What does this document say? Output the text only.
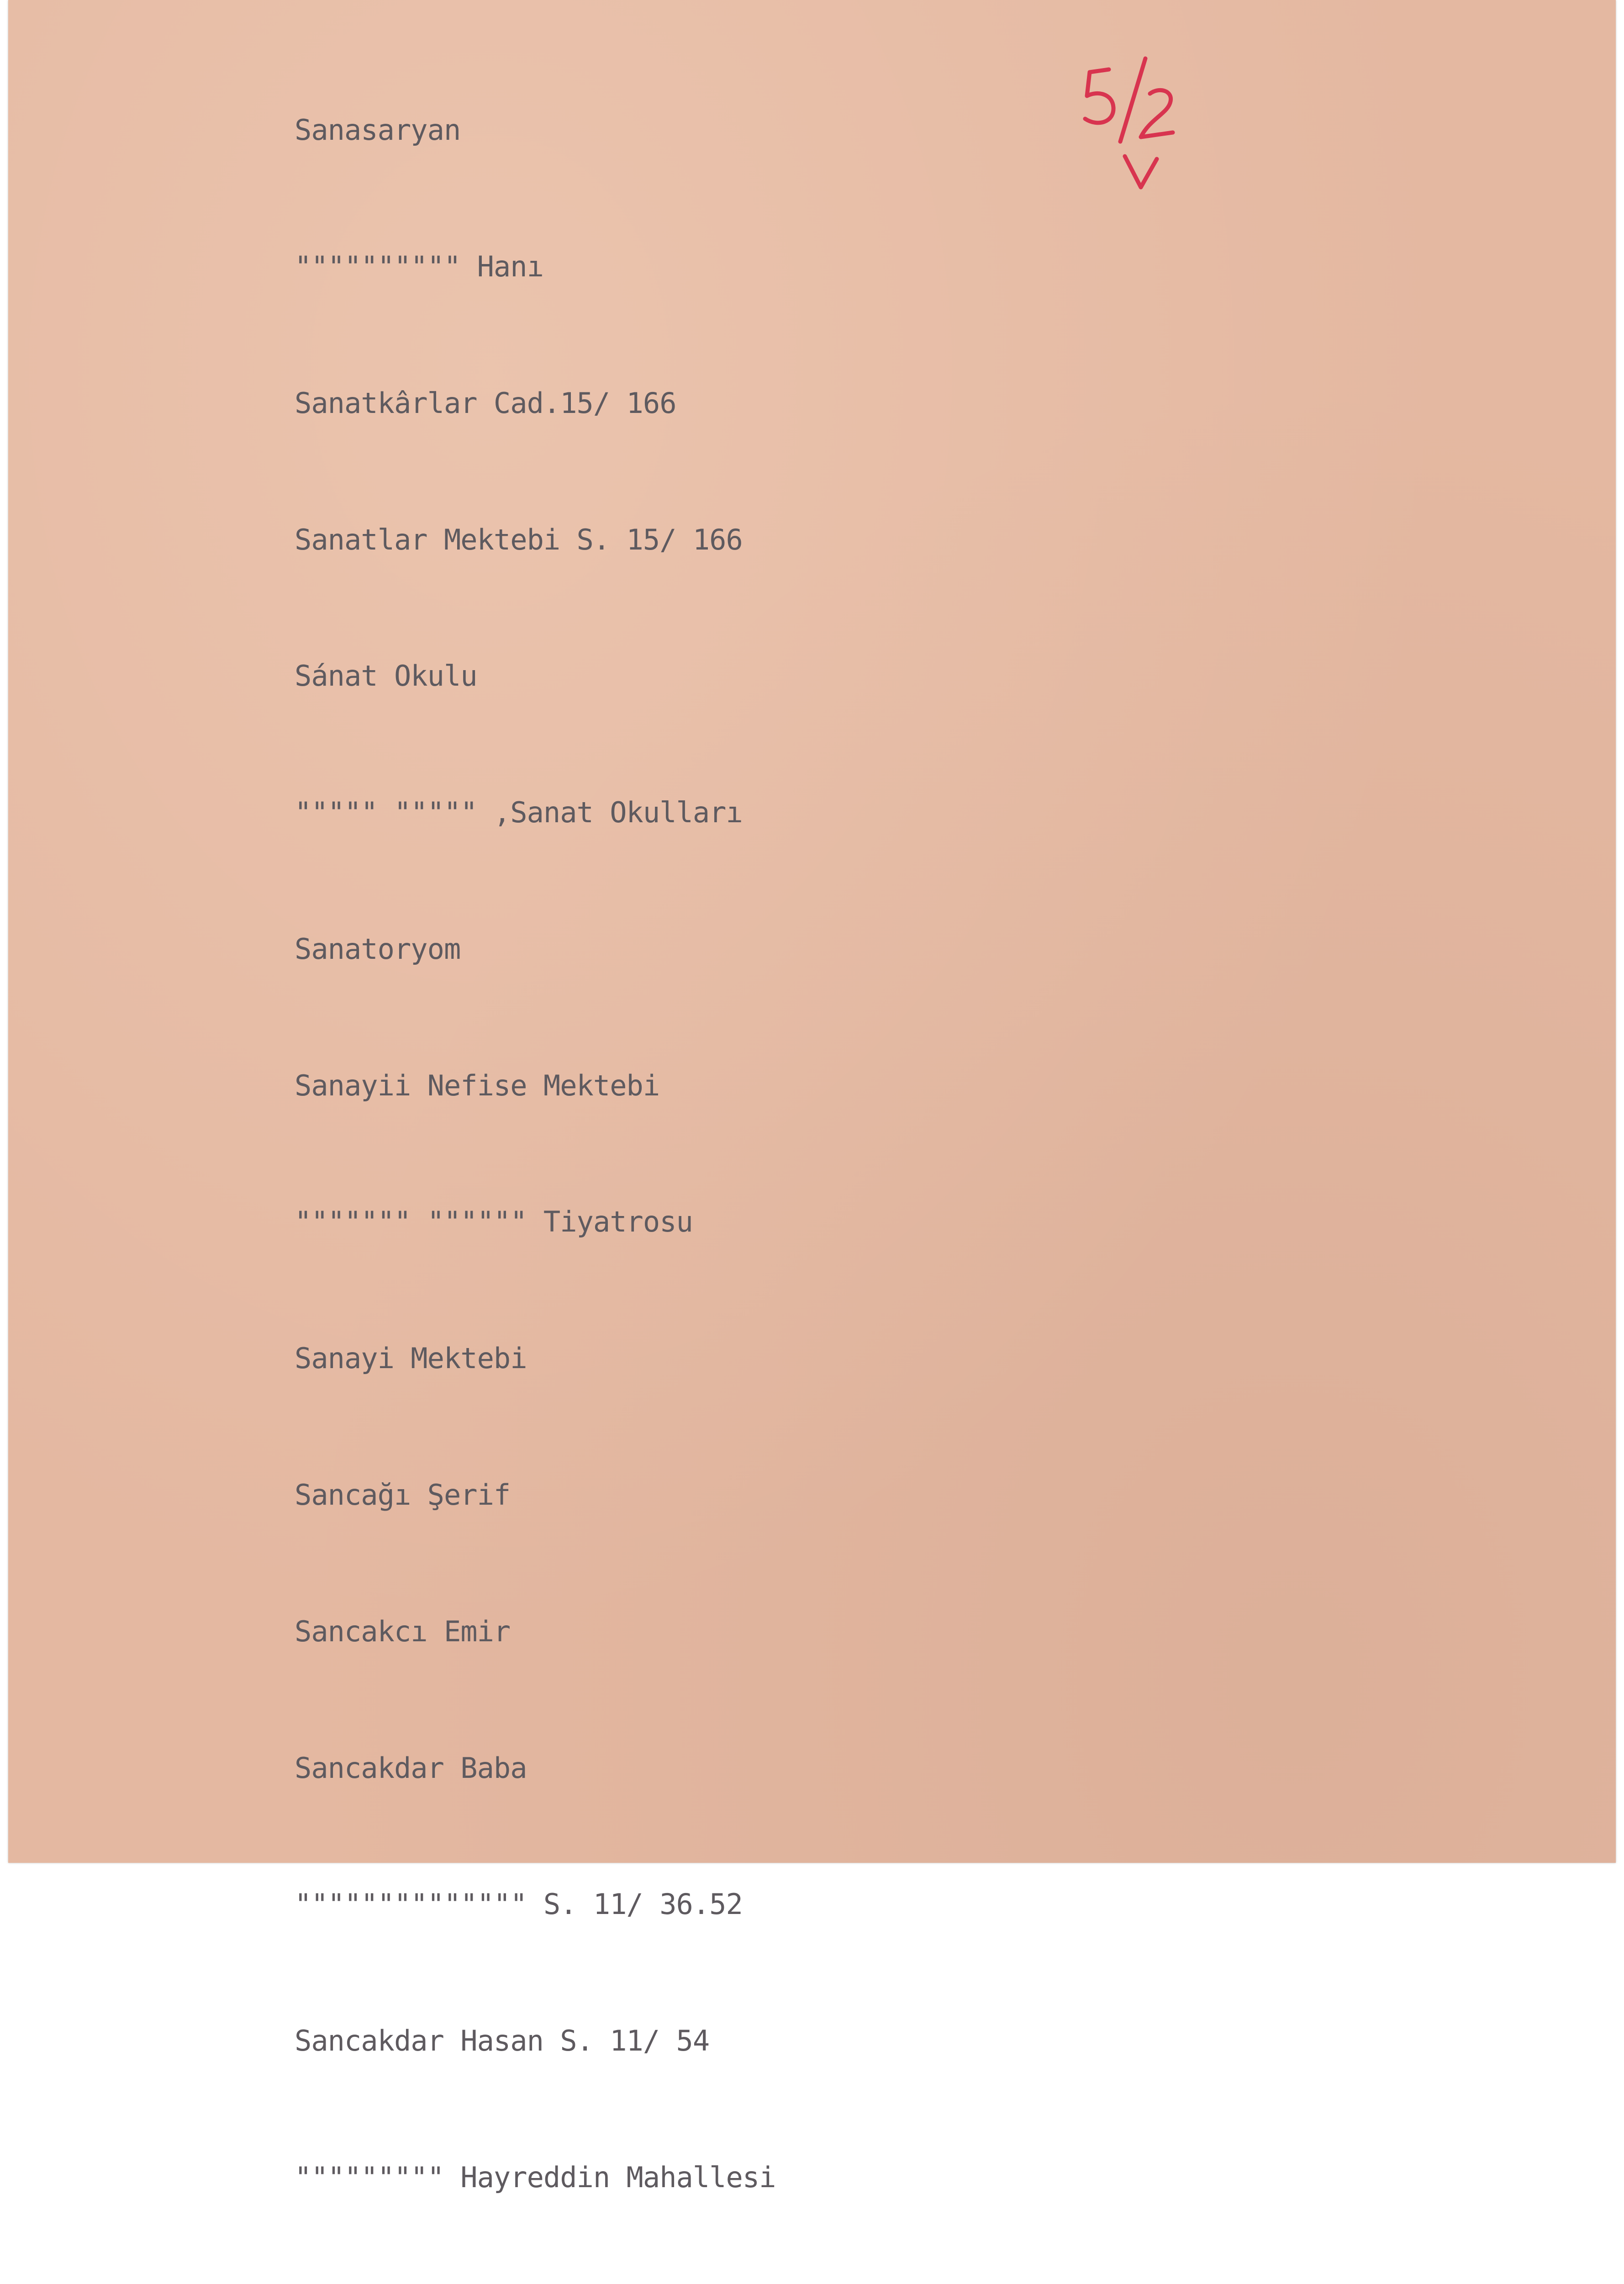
Sanasaryan

"""""""""" Hanı

Sanatkârlar Cad.15/ 166

Sanatlar Mektebi S. 15/ 166

Sánat Okulu

""""" """"" ,Sanat Okulları

Sanatoryom

Sanayii Nefise Mektebi

""""""" """""" Tiyatrosu

Sanayi Mektebi

Sancağı Şerif

Sancakcı Emir

Sancakdar Baba

"""""""""""""" S. 11/ 36.52

Sancakdar Hasan S. 11/ 54

""""""""" Hayreddin Mahallesi
